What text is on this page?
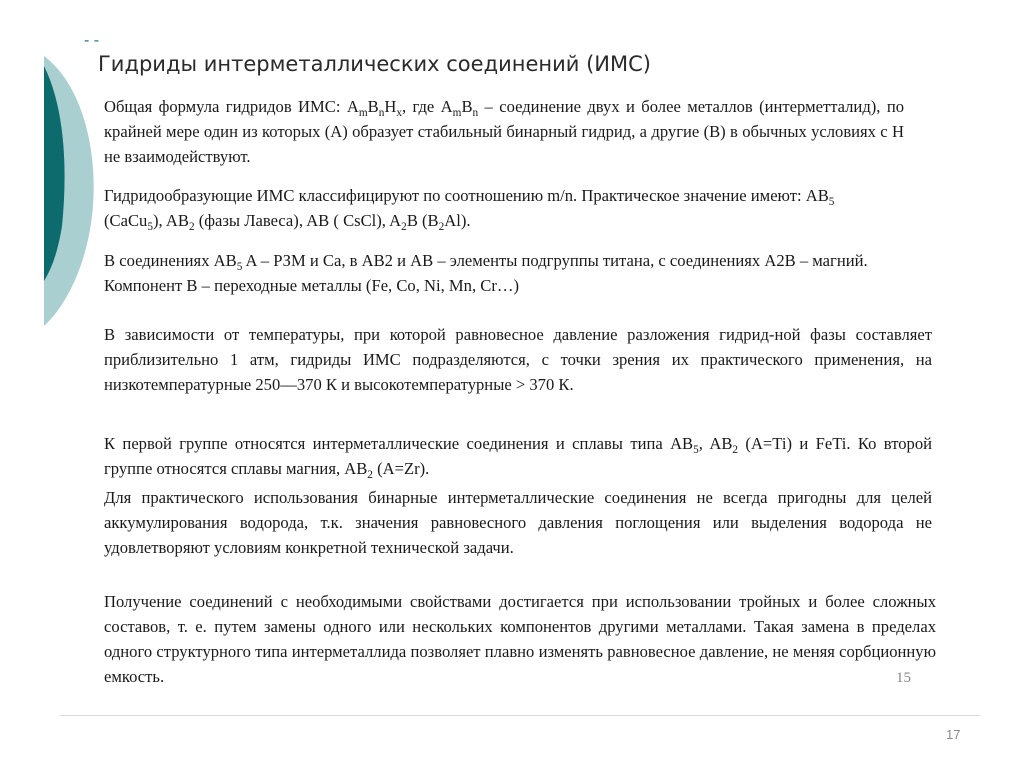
- -
Гидриды интерметаллических соединений (ИМС)

Общая формула гидридов ИМС: $A_mB_nH_x$, где $A_mB_n$ – соединение двух и более металлов (интерметталид), по крайней мере один из которых (A) образует стабильный бинарный гидрид, а другие (B) в обычных условиях с H не взаимодействуют.

Гидридообразующие ИМС классифицируют по соотношению m/n. Практическое значение имеют: $AB_5$ (CaCu$_5$), $AB_2$ (фазы Лавеса), AB ( CsCl), $A_2B$ $(B_2Al)$.

В соединениях $AB_5$ A – РЗМ и Ca, в AB2 и AB – элементы подгруппы титана, с соединениях A2B – магний. Компонент B – переходные металлы (Fe, Co, Ni, Mn, Cr…)

В зависимости от температуры, при которой равновесное давление разложения гидрид-ной фазы составляет приблизительно 1 атм, гидриды ИМС подразделяются, с точки зрения их практического применения, на низкотемпературные 250—370 К и высокотемпературные > 370 К.

К первой группе относятся интерметаллические соединения и сплавы типа $AB_5$, $AB_2$ (A=Ti) и FeTi. Ко второй группе относятся сплавы магния, $AB_2$ (A=Zr).

Для практического использования бинарные интерметаллические соединения не всегда пригодны для целей аккумулирования водорода, т.к. значения равновесного давления поглощения или выделения водорода не удовлетворяют условиям конкретной технической задачи.

Получение соединений с необходимыми свойствами достигается при использовании тройных и более сложных составов, т. е. путем замены одного или нескольких компонентов другими металлами. Такая замена в пределах одного структурного типа интерметаллида позволяет плавно изменять равновесное давление, не меняя сорбционную емкость.	15
17
